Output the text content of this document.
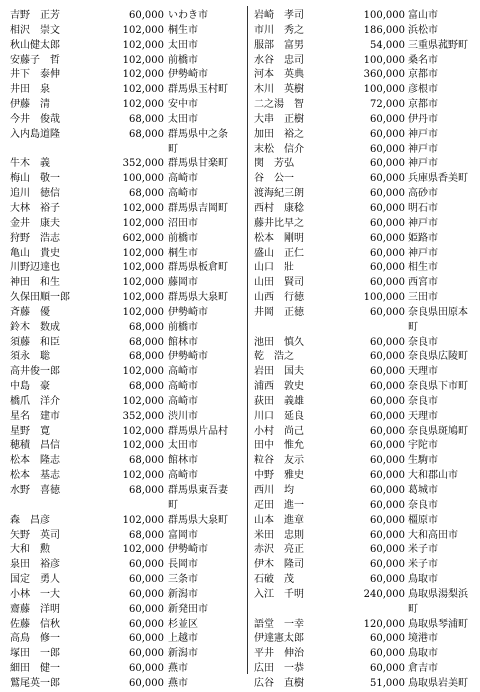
吉野　正芳	60,000 いわき市
相沢　崇文	102,000 桐生市
秋山健太郎	102,000 太田市
安藤子　哲	102,000 前橋市
井下　泰伸	102,000 伊勢崎市
井田　泉	102,000 群馬県玉村町
伊藤　清	102,000 安中市
今井　俊哉	68,000 太田市
入内島道隆	68,000 群馬県中之条
町
牛木　義	352,000 群馬県甘楽町
梅山　敬一	100,000 高崎市
追川　徳信	68,000 高崎市
大林　裕子	102,000 群馬県吉岡町
金井　康夫	102,000 沼田市
狩野　浩志	602,000 前橋市
亀山　貴史	102,000 桐生市
川野辺達也	102,000 群馬県板倉町
神田　和生	102,000 藤岡市
久保田順一郎	102,000 群馬県大泉町
斉藤　優	102,000 伊勢崎市
鈴木　数成	68,000 前橋市
須藤　和臣	68,000 館林市
須永　聡	68,000 伊勢崎市
高井俊一郎	102,000 高崎市
中島　豪	68,000 高崎市
橋爪　洋介	102,000 高崎市
星名　建市	352,000 渋川市
星野　寛	102,000 群馬県片品村
穂積　昌信	102,000 太田市
松本　隆志	68,000 館林市
松本　基志	102,000 高崎市
水野　喜徳	68,000 群馬県東吾妻
町
森　昌彦	102,000 群馬県大泉町
矢野　英司	68,000 富岡市
大和　勲	102,000 伊勢崎市
泉田　裕彦	60,000 長岡市
国定　勇人	60,000 三条市
小林　一大	60,000 新潟市
齋藤　洋明	60,000 新発田市
佐藤　信秋	60,000 杉並区
高鳥　修一	60,000 上越市
塚田　一郎	60,000 新潟市
細田　健一	60,000 燕市
鷲尾英一郎	60,000 燕市
岩崎　孝司	100,000 富山市
市川　秀之	186,000 浜松市
服部　富男	54,000 三重県菰野町
水谷　忠司	100,000 桑名市
河本　英典	360,000 京都市
木川　英樹	100,000 彦根市
二之湯　智	72,000 京都市
大串　正樹	60,000 伊丹市
加田　裕之	60,000 神戸市
末松　信介	60,000 神戸市
関　芳弘	60,000 神戸市
谷　公一	60,000 兵庫県香美町
渡海紀三朗	60,000 高砂市
西村　康稔	60,000 明石市
藤井比早之	60,000 神戸市
松本　剛明	60,000 姫路市
盛山　正仁	60,000 神戸市
山口　壯	60,000 相生市
山田　賢司	60,000 西宮市
山西　行徳	100,000 三田市
井岡　正徳	60,000 奈良県田原本
町
池田　慎久	60,000 奈良市
乾　浩之	60,000 奈良県広陵町
岩田　国夫	60,000 天理市
浦西　敦史	60,000 奈良県下市町
荻田　義雄	60,000 奈良市
川口　延良	60,000 天理市
小村　尚己	60,000 奈良県斑鳩町
田中　惟允	60,000 宇陀市
粒谷　友示	60,000 生駒市
中野　雅史	60,000 大和郡山市
西川　均	60,000 葛城市
疋田　進一	60,000 奈良市
山本　進章	60,000 橿原市
米田　忠則	60,000 大和高田市
赤沢　亮正	60,000 米子市
伊木　隆司	60,000 米子市
石破　茂	60,000 鳥取市
入江　千明	240,000 鳥取県湯梨浜
町
語堂　一幸	120,000 鳥取県琴浦町
伊達憲太郎	60,000 境港市
平井　伸治	60,000 鳥取市
広田　一恭	60,000 倉吉市
広谷　直樹	51,000 鳥取県岩美町
